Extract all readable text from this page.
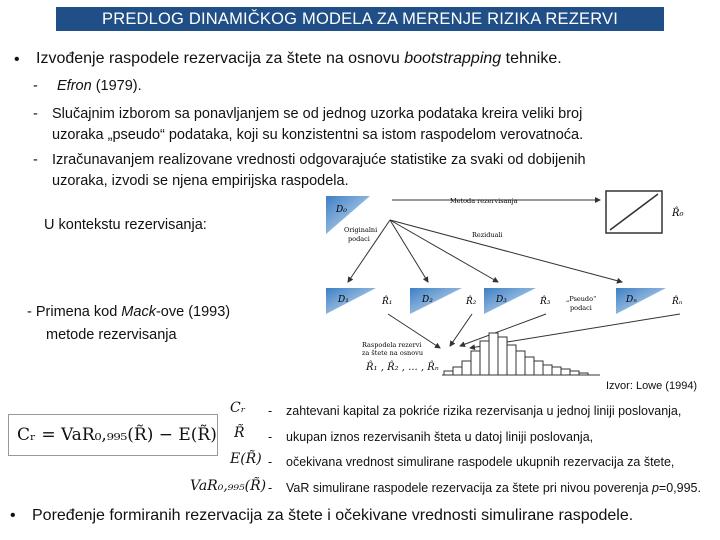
PREDLOG DINAMIČKOG MODELA ZA MERENJE RIZIKA REZERVI
• Izvođenje raspodele rezervacija za štete na osnovu bootstrapping tehnike.
- Efron (1979).
- Slučajnim izborom sa ponavljanjem se od jednog uzorka podataka kreira veliki broj
uzoraka „pseudo“ podataka, koji su konzistentni sa istom raspodelom verovatnoća.
- Izračunavanjem realizovane vrednosti odgovarajuće statistike za svaki od dobijenih
uzoraka, izvodi se njena empirijska raspodela.
U kontekstu rezervisanja:
- Primena kod Mack-ove (1993)
metode rezervisanja
D₀
Metoda rezervisanja
R̂₀
Originalni
podaci	Reziduali
D₁	R̂₁	D₂	R̂₂ D₃	R̂₃ „Pseudo“
podaci
Dₙ	R̂ₙ
Raspodela rezervi
za štete na osnovu
R̂₁ , R̂₂ , ... , R̂ₙ
Izvor: Lowe (1994)
Cᵣ = VaR₀,₉₉₅(R̃) − E(R̃)
Cᵣ - zahtevani kapital za pokriće rizika rezervisanja u jednoj liniji poslovanja,
R̃ - ukupan iznos rezervisanih šteta u datoj liniji poslovanja,
E(R̃) - očekivana vrednost simulirane raspodele ukupnih rezervacija za štete,
VaR₀,₉₉₅(R̃) - VaR simulirane raspodele rezervacija za štete pri nivou poverenja p=0,995.
• Poređenje formiranih rezervacija za štete i očekivane vrednosti simulirane raspodele.
